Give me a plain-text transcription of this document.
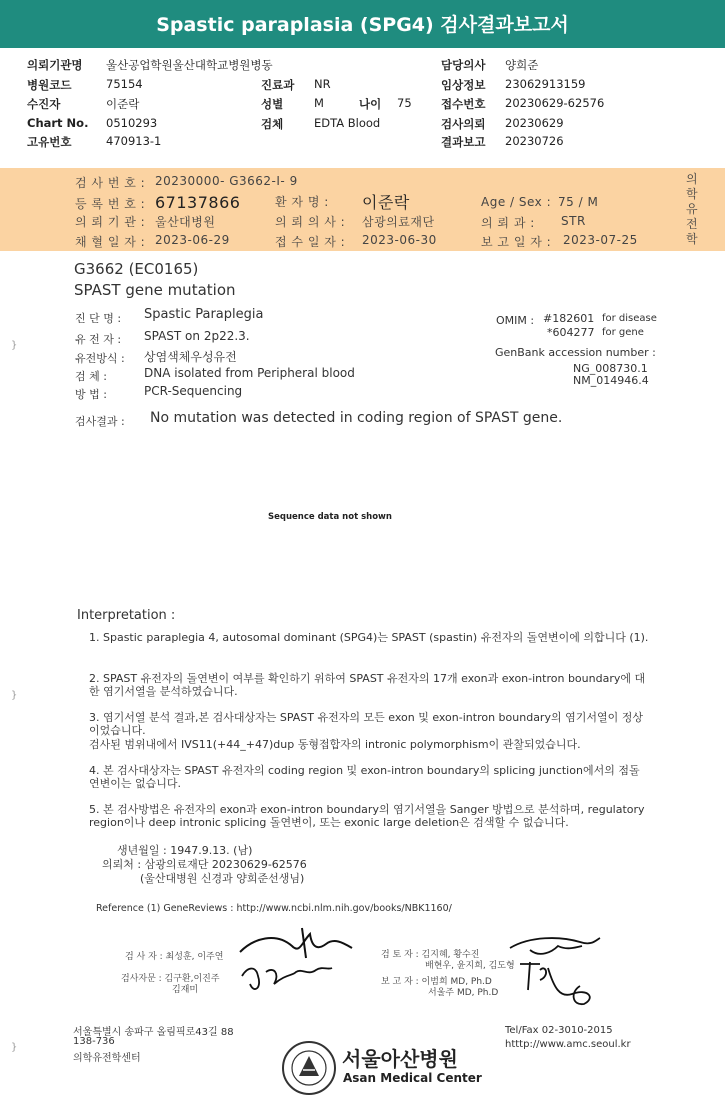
Spastic paraplasia (SPG4) 검사결과보고서
의뢰기관명 울산공업학원울산대학교병원병동
병원코드	75154
수진자	이준락
Chart No. 0510293
고유번호	470913-1
진료과 NR
성별	M	나이 75
검체	EDTA Blood
담당의사 양희준
임상정보 23062913159
접수번호 20230629-62576
검사의뢰 20230629
결과보고 20230726
검 사 번 호 : 20230000- G3662-I- 9
등 록 번 호 : 67137866
의 뢰 기 관 : 울산대병원
채 혈 일 자 : 2023-06-29
환 자 명 : 이준락
의 뢰 의 사 : 삼광의료재단
접 수 일 자 : 2023-06-30
Age / Sex : 75 / M
의 뢰 과 : STR
보 고 일 자 : 2023-07-25
의학유전학
G3662 (EC0165)
SPAST gene mutation
진 단 명 : Spastic Paraplegia
유 전 자 : SPAST on 2p22.3.
유전방식 : 상염색체우성유전
검 체 :	DNA isolated from Peripheral blood
방 법 :	PCR-Sequencing
OMIM : #182601 for disease
*604277 for gene
GenBank accession number :
NG_008730.1
NM_014946.4
검사결과 : No mutation was detected in coding region of SPAST gene.
Sequence data not shown
Interpretation :
1. Spastic paraplegia 4, autosomal dominant (SPG4)는 SPAST (spastin) 유전자의 돌연변이에 의합니다 (1).
2. SPAST 유전자의 돌연변이 여부를 확인하기 위하여 SPAST 유전자의 17개 exon과 exon-intron boundary에 대한 염기서열을 분석하였습니다.
3. 염기서열 분석 결과,본 검사대상자는 SPAST 유전자의 모든 exon 및 exon-intron boundary의 염기서열이 정상이었습니다.
검사된 범위내에서 IVS11(+44_+47)dup 동형접합자의 intronic polymorphism이 관찰되었습니다.
4. 본 검사대상자는 SPAST 유전자의 coding region 및 exon-intron boundary의 splicing junction에서의 점돌연변이는 없습니다.
5. 본 검사방법은 유전자의 exon과 exon-intron boundary의 염기서열을 Sanger 방법으로 분석하며, regulatory region이나 deep intronic splicing 돌연변이, 또는 exonic large deletion은 검색할 수 없습니다.
생년월일 : 1947.9.13. (남)
의뢰처 : 삼광의료재단 20230629-62576
(울산대병원 신경과 양희준선생님)
Reference (1) GeneReviews : http://www.ncbi.nlm.nih.gov/books/NBK1160/
검 사 자 : 최성훈, 이주연
검사자문 : 김구환,이진주
김재미
검 토 자 : 김지혜, 황수진
배현우, 윤지희, 김도형
보 고 자 : 이범희 MD, Ph.D
서울주 MD, Ph.D
서울특별시 송파구 올림픽로43길 88
138-736
의학유전학센터
Tel/Fax 02-3010-2015
htttp://www.amc.seoul.kr
서울아산병원
Asan Medical Center
}
}
}
